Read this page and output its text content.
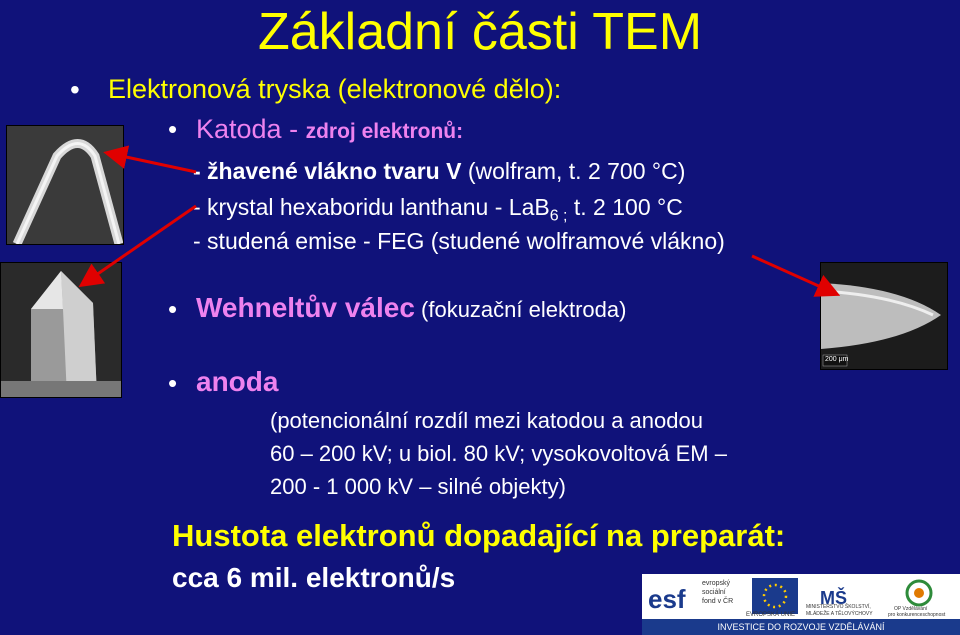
Základní části TEM
• Elektronová tryska (elektronové dělo):
• Katoda - zdroj elektronů:
- žhavené vlákno tvaru V (wolfram, t. 2 700 °C)
- krystal hexaboridu lanthanu - LaB$_{6 ;}$ t. 2 100 °C
- studená emise - FEG (studené wolframové vlákno)
• Wehneltův válec (fokuzační elektroda)
• anoda
(potencionální rozdíl mezi katodou a anodou
60 – 200 kV; u biol. 80 kV; vysokovoltová EM –
200 - 1 000 kV – silné objekty)
Hustota elektronů dopadající na preparát:
cca 6 mil. elektronů/s
200 μm
esf
evropský
sociální
fond v ČR
EVROPSKÁ UNIE
MŠ
MINISTERSTVO ŠKOLSTVÍ,
MLÁDEŽE A TĚLOVÝCHOVY
OP Vzdělávání
pro konkurenceschopnost
INVESTICE DO ROZVOJE VZDĚLÁVÁNÍ
